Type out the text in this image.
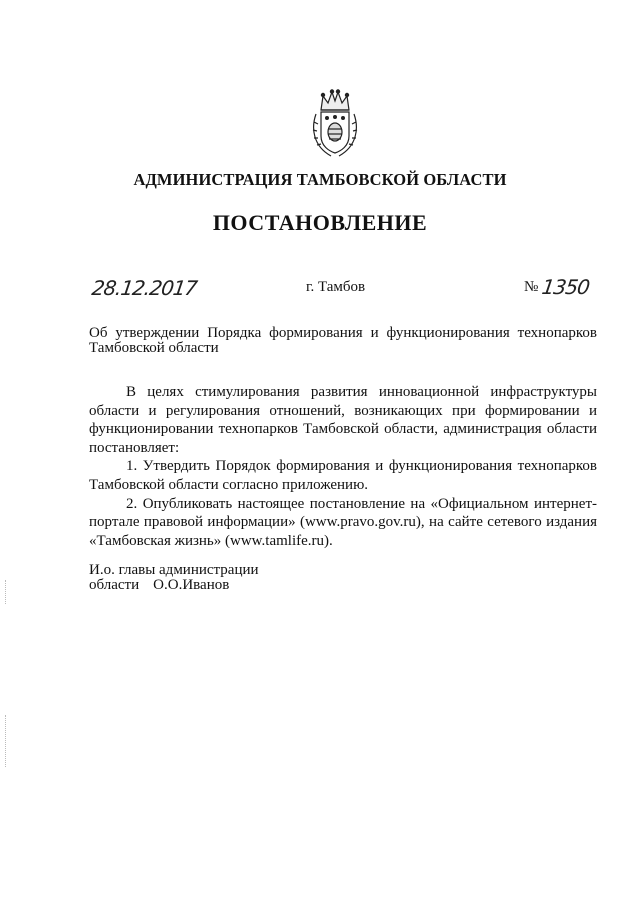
АДМИНИСТРАЦИЯ ТАМБОВСКОЙ ОБЛАСТИ
ПОСТАНОВЛЕНИЕ
28.12.2017	г. Тамбов	№ 1350
Об утверждении Порядка формирования и функционирования технопарков Тамбовской области

В целях стимулирования развития инновационной инфраструктуры области и регулирования отношений, возникающих при формировании и функционировании технопарков Тамбовской области, администрация области постановляет:

1. Утвердить Порядок формирования и функционирования технопарков Тамбовской области согласно приложению.

2. Опубликовать настоящее постановление на «Официальном интернет-портале правовой информации» (www.pravo.gov.ru), на сайте сетевого издания «Тамбовская жизнь» (www.tamlife.ru).

И.о. главы администрации
области О.О.Иванов
